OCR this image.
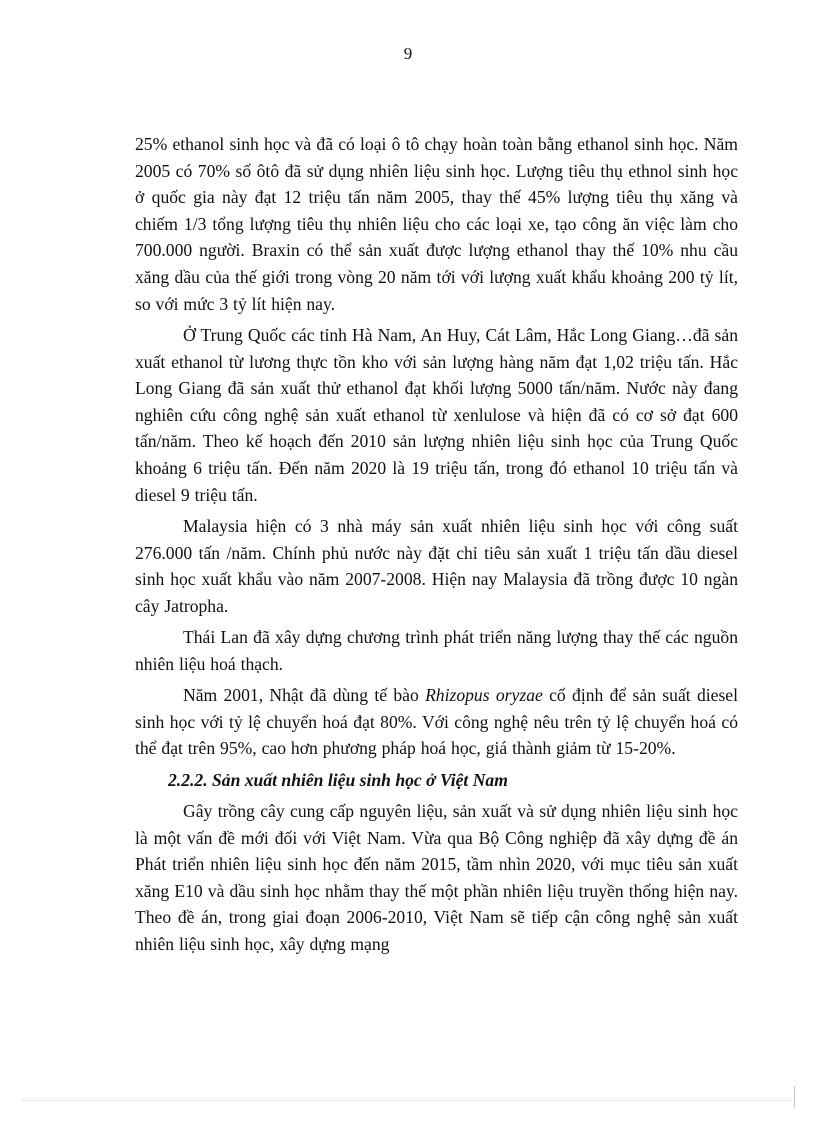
9

25% ethanol sinh học và đã có loại ô tô chạy hoàn toàn bằng ethanol sinh học. Năm 2005 có 70% số ôtô đã sử dụng nhiên liệu sinh học. Lượng tiêu thụ ethnol sinh học ở quốc gia này đạt 12 triệu tấn năm 2005, thay thế 45% lượng tiêu thụ xăng và chiếm 1/3 tổng lượng tiêu thụ nhiên liệu cho các loại xe, tạo công ăn việc làm cho 700.000 người. Braxin có thể sản xuất được lượng ethanol thay thế 10% nhu cầu xăng dầu của thế giới trong vòng 20 năm tới với lượng xuất khẩu khoảng 200 tỷ lít, so với mức 3 tỷ lít hiện nay.

Ở Trung Quốc các tỉnh Hà Nam, An Huy, Cát Lâm, Hắc Long Giang…đã sản xuất ethanol từ lương thực tồn kho với sản lượng hàng năm đạt 1,02 triệu tấn. Hắc Long Giang đã sản xuất thử ethanol đạt khối lượng 5000 tấn/năm. Nước này đang nghiên cứu công nghệ sản xuất ethanol từ xenlulose và hiện đã có cơ sở đạt 600 tấn/năm. Theo kế hoạch đến 2010 sản lượng nhiên liệu sinh học của Trung Quốc khoảng 6 triệu tấn. Đến năm 2020 là 19 triệu tấn, trong đó ethanol 10 triệu tấn và diesel 9 triệu tấn.

Malaysia hiện có 3 nhà máy sản xuất nhiên liệu sinh học với công suất 276.000 tấn /năm. Chính phủ nước này đặt chỉ tiêu sản xuất 1 triệu tấn dầu diesel sinh học xuất khẩu vào năm 2007-2008. Hiện nay Malaysia đã trồng được 10 ngàn cây Jatropha.

Thái Lan đã xây dựng chương trình phát triển năng lượng thay thế các nguồn nhiên liệu hoá thạch.

Năm 2001, Nhật đã dùng tế bào Rhizopus oryzae cố định để sản suất diesel sinh học với tỷ lệ chuyển hoá đạt 80%. Với công nghệ nêu trên tỷ lệ chuyển hoá có thể đạt trên 95%, cao hơn phương pháp hoá học, giá thành giảm từ 15-20%.

2.2.2. Sản xuất nhiên liệu sinh học ở Việt Nam

Gây trồng cây cung cấp nguyên liệu, sản xuất và sử dụng nhiên liệu sinh học là một vấn đề mới đối với Việt Nam. Vừa qua Bộ Công nghiệp đã xây dựng đề án Phát triển nhiên liệu sinh học đến năm 2015, tầm nhìn 2020, với mục tiêu sản xuất xăng E10 và dầu sinh học nhằm thay thế một phần nhiên liệu truyền thống hiện nay. Theo đề án, trong giai đoạn 2006-2010, Việt Nam sẽ tiếp cận công nghệ sản xuất nhiên liệu sinh học, xây dựng mạng
